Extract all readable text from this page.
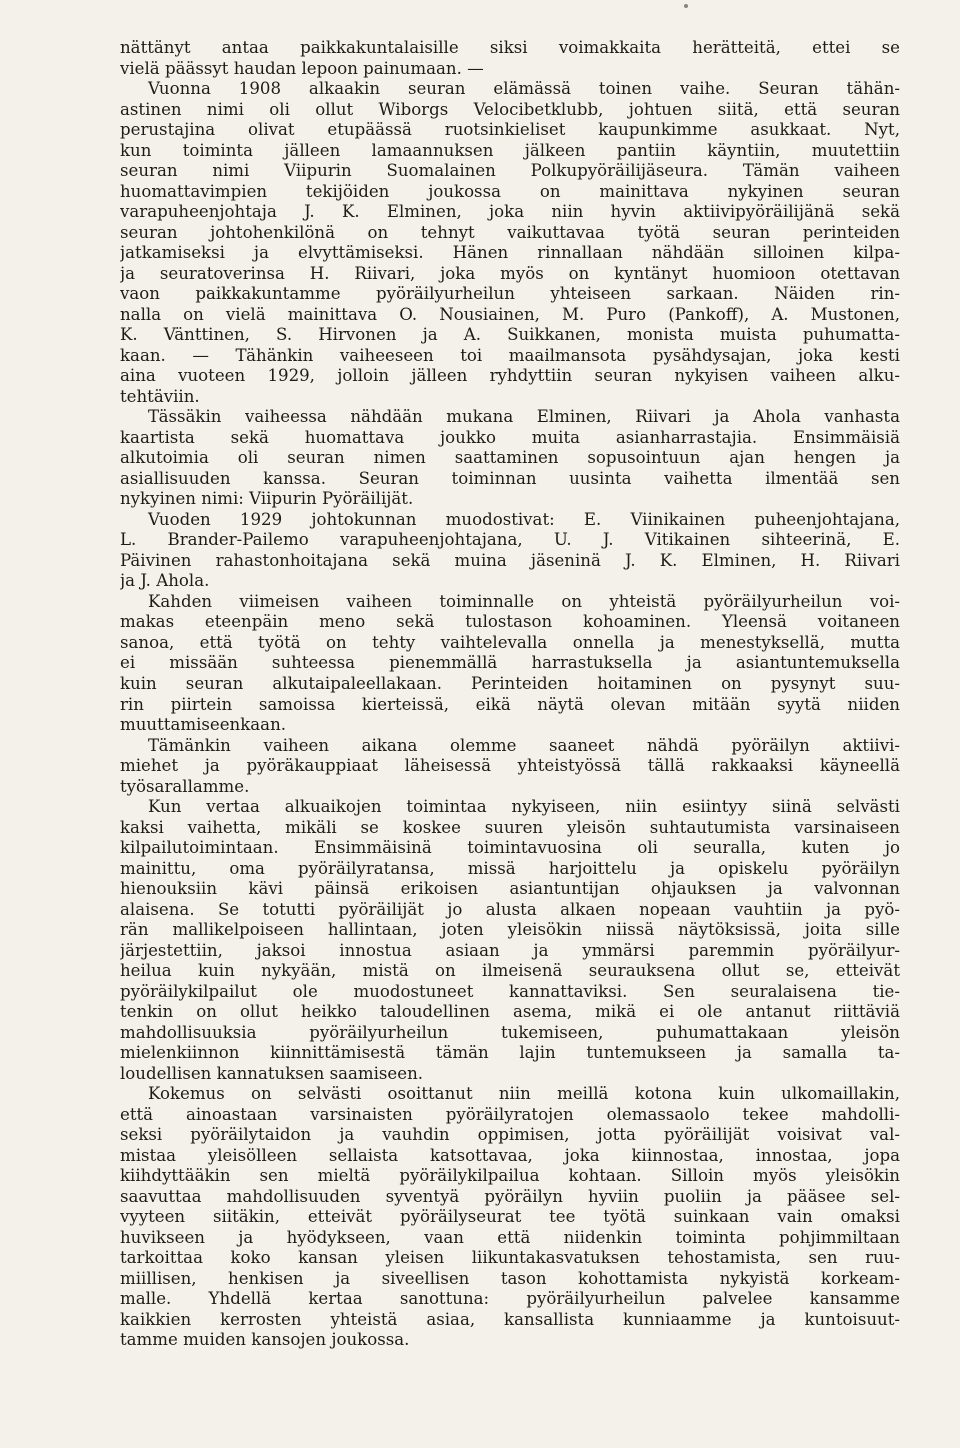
nättänyt antaa paikkakuntalaisille siksi voimakkaita herätteitä, ettei se
vielä päässyt haudan lepoon painumaan. —
Vuonna 1908 alkaakin seuran elämässä toinen vaihe. Seuran tähän-
astinen nimi oli ollut Wiborgs Velocibetklubb, johtuen siitä, että seuran
perustajina olivat etupäässä ruotsinkieliset kaupunkimme asukkaat. Nyt,
kun toiminta jälleen lamaannuksen jälkeen pantiin käyntiin, muutettiin
seuran nimi Viipurin Suomalainen Polkupyöräilijäseura. Tämän vaiheen
huomattavimpien tekijöiden joukossa on mainittava nykyinen seuran
varapuheenjohtaja J. K. Elminen, joka niin hyvin aktiivipyöräilijänä sekä
seuran johtohenkilönä on tehnyt vaikuttavaa työtä seuran perinteiden
jatkamiseksi ja elvyttämiseksi. Hänen rinnallaan nähdään silloinen kilpa-
ja seuratoverinsa H. Riivari, joka myös on kyntänyt huomioon otettavan
vaon paikkakuntamme pyöräilyurheilun yhteiseen sarkaan. Näiden rin-
nalla on vielä mainittava O. Nousiainen, M. Puro (Pankoff), A. Mustonen,
K. Vänttinen, S. Hirvonen ja A. Suikkanen, monista muista puhumatta-
kaan. — Tähänkin vaiheeseen toi maailmansota pysähdysajan, joka kesti
aina vuoteen 1929, jolloin jälleen ryhdyttiin seuran nykyisen vaiheen alku-
tehtäviin.
Tässäkin vaiheessa nähdään mukana Elminen, Riivari ja Ahola vanhasta
kaartista sekä huomattava joukko muita asianharrastajia. Ensimmäisiä
alkutoimia oli seuran nimen saattaminen sopusointuun ajan hengen ja
asiallisuuden kanssa. Seuran toiminnan uusinta vaihetta ilmentää sen
nykyinen nimi: Viipurin Pyöräilijät.
Vuoden 1929 johtokunnan muodostivat: E. Viinikainen puheenjohtajana,
L. Brander-Pailemo varapuheenjohtajana, U. J. Vitikainen sihteerinä, E.
Päivinen rahastonhoitajana sekä muina jäseninä J. K. Elminen, H. Riivari
ja J. Ahola.
Kahden viimeisen vaiheen toiminnalle on yhteistä pyöräilyurheilun voi-
makas eteenpäin meno sekä tulostason kohoaminen. Yleensä voitaneen
sanoa, että työtä on tehty vaihtelevalla onnella ja menestyksellä, mutta
ei missään suhteessa pienemmällä harrastuksella ja asiantuntemuksella
kuin seuran alkutaipaleellakaan. Perinteiden hoitaminen on pysynyt suu-
rin piirtein samoissa kierteissä, eikä näytä olevan mitään syytä niiden
muuttamiseenkaan.
Tämänkin vaiheen aikana olemme saaneet nähdä pyöräilyn aktiivi-
miehet ja pyöräkauppiaat läheisessä yhteistyössä tällä rakkaaksi käyneellä
työsarallamme.
Kun vertaa alkuaikojen toimintaa nykyiseen, niin esiintyy siinä selvästi
kaksi vaihetta, mikäli se koskee suuren yleisön suhtautumista varsinaiseen
kilpailutoimintaan. Ensimmäisinä toimintavuosina oli seuralla, kuten jo
mainittu, oma pyöräilyratansa, missä harjoittelu ja opiskelu pyöräilyn
hienouksiin kävi päinsä erikoisen asiantuntijan ohjauksen ja valvonnan
alaisena. Se totutti pyöräilijät jo alusta alkaen nopeaan vauhtiin ja pyö-
rän mallikelpoiseen hallintaan, joten yleisökin niissä näytöksissä, joita sille
järjestettiin, jaksoi innostua asiaan ja ymmärsi paremmin pyöräilyur-
heilua kuin nykyään, mistä on ilmeisenä seurauksena ollut se, etteivät
pyöräilykilpailut ole muodostuneet kannattaviksi. Sen seuralaisena tie-
tenkin on ollut heikko taloudellinen asema, mikä ei ole antanut riittäviä
mahdollisuuksia pyöräilyurheilun tukemiseen, puhumattakaan yleisön
mielenkiinnon kiinnittämisestä tämän lajin tuntemukseen ja samalla ta-
loudellisen kannatuksen saamiseen.
Kokemus on selvästi osoittanut niin meillä kotona kuin ulkomaillakin,
että ainoastaan varsinaisten pyöräilyratojen olemassaolo tekee mahdolli-
seksi pyöräilytaidon ja vauhdin oppimisen, jotta pyöräilijät voisivat val-
mistaa yleisölleen sellaista katsottavaa, joka kiinnostaa, innostaa, jopa
kiihdyttääkin sen mieltä pyöräilykilpailua kohtaan. Silloin myös yleisökin
saavuttaa mahdollisuuden syventyä pyöräilyn hyviin puoliin ja pääsee sel-
vyyteen siitäkin, etteivät pyöräilyseurat tee työtä suinkaan vain omaksi
huvikseen ja hyödykseen, vaan että niidenkin toiminta pohjimmiltaan
tarkoittaa koko kansan yleisen liikuntakasvatuksen tehostamista, sen ruu-
miillisen, henkisen ja siveellisen tason kohottamista nykyistä korkeam-
malle. Yhdellä kertaa sanottuna: pyöräilyurheilun palvelee kansamme
kaikkien kerrosten yhteistä asiaa, kansallista kunniaamme ja kuntoisuut-
tamme muiden kansojen joukossa.
